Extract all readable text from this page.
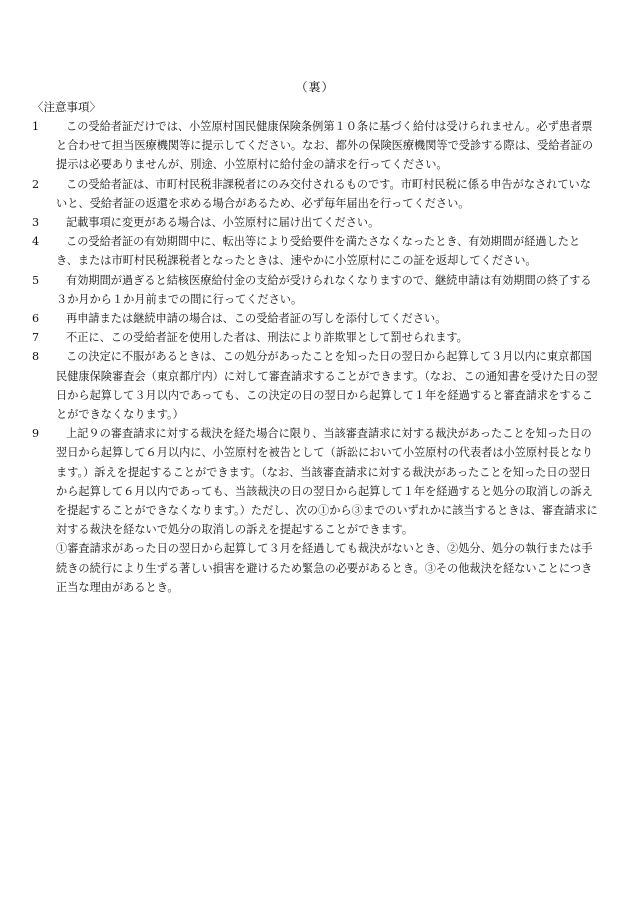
（裏）
〈注意事項〉

1	この受給者証だけでは、小笠原村国民健康保険条例第１０条に基づく給付は受けられません。必ず患者票と合わせて担当医療機関等に提示してください。なお、都外の保険医療機関等で受診する際は、受給者証の提示は必要ありませんが、別途、小笠原村に給付金の請求を行ってください。

2	この受給者証は、市町村民税非課税者にのみ交付されるものです。市町村民税に係る申告がなされていないと、受給者証の返還を求める場合があるため、必ず毎年届出を行ってください。

3	記載事項に変更がある場合は、小笠原村に届け出てください。

4	この受給者証の有効期間中に、転出等により受給要件を満たさなくなったとき、有効期間が経過したとき、または市町村民税課税者となったときは、速やかに小笠原村にこの証を返却してください。

5	有効期間が過ぎると結核医療給付金の支給が受けられなくなりますので、継続申請は有効期間の終了する３か月から１か月前までの間に行ってください。

6	再申請または継続申請の場合は、この受給者証の写しを添付してください。

7	不正に、この受給者証を使用した者は、刑法により詐欺罪として罰せられます。

8	この決定に不服があるときは、この処分があったことを知った日の翌日から起算して３月以内に東京都国民健康保険審査会（東京都庁内）に対して審査請求することができます。（なお、この通知書を受けた日の翌日から起算して３月以内であっても、この決定の日の翌日から起算して１年を経過すると審査請求をすることができなくなります。）

9	上記９の審査請求に対する裁決を経た場合に限り、当該審査請求に対する裁決があったことを知った日の翌日から起算して６月以内に、小笠原村を被告として（訴訟において小笠原村の代表者は小笠原村長となります。）訴えを提起することができます。（なお、当該審査請求に対する裁決があったことを知った日の翌日から起算して６月以内であっても、当該裁決の日の翌日から起算して１年を経過すると処分の取消しの訴えを提起することができなくなります。）ただし、次の①から③までのいずれかに該当するときは、審査請求に対する裁決を経ないで処分の取消しの訴えを提起することができます。

①審査請求があった日の翌日から起算して３月を経過しても裁決がないとき、②処分、処分の執行または手続きの続行により生ずる著しい損害を避けるため緊急の必要があるとき。③その他裁決を経ないことにつき正当な理由があるとき。
